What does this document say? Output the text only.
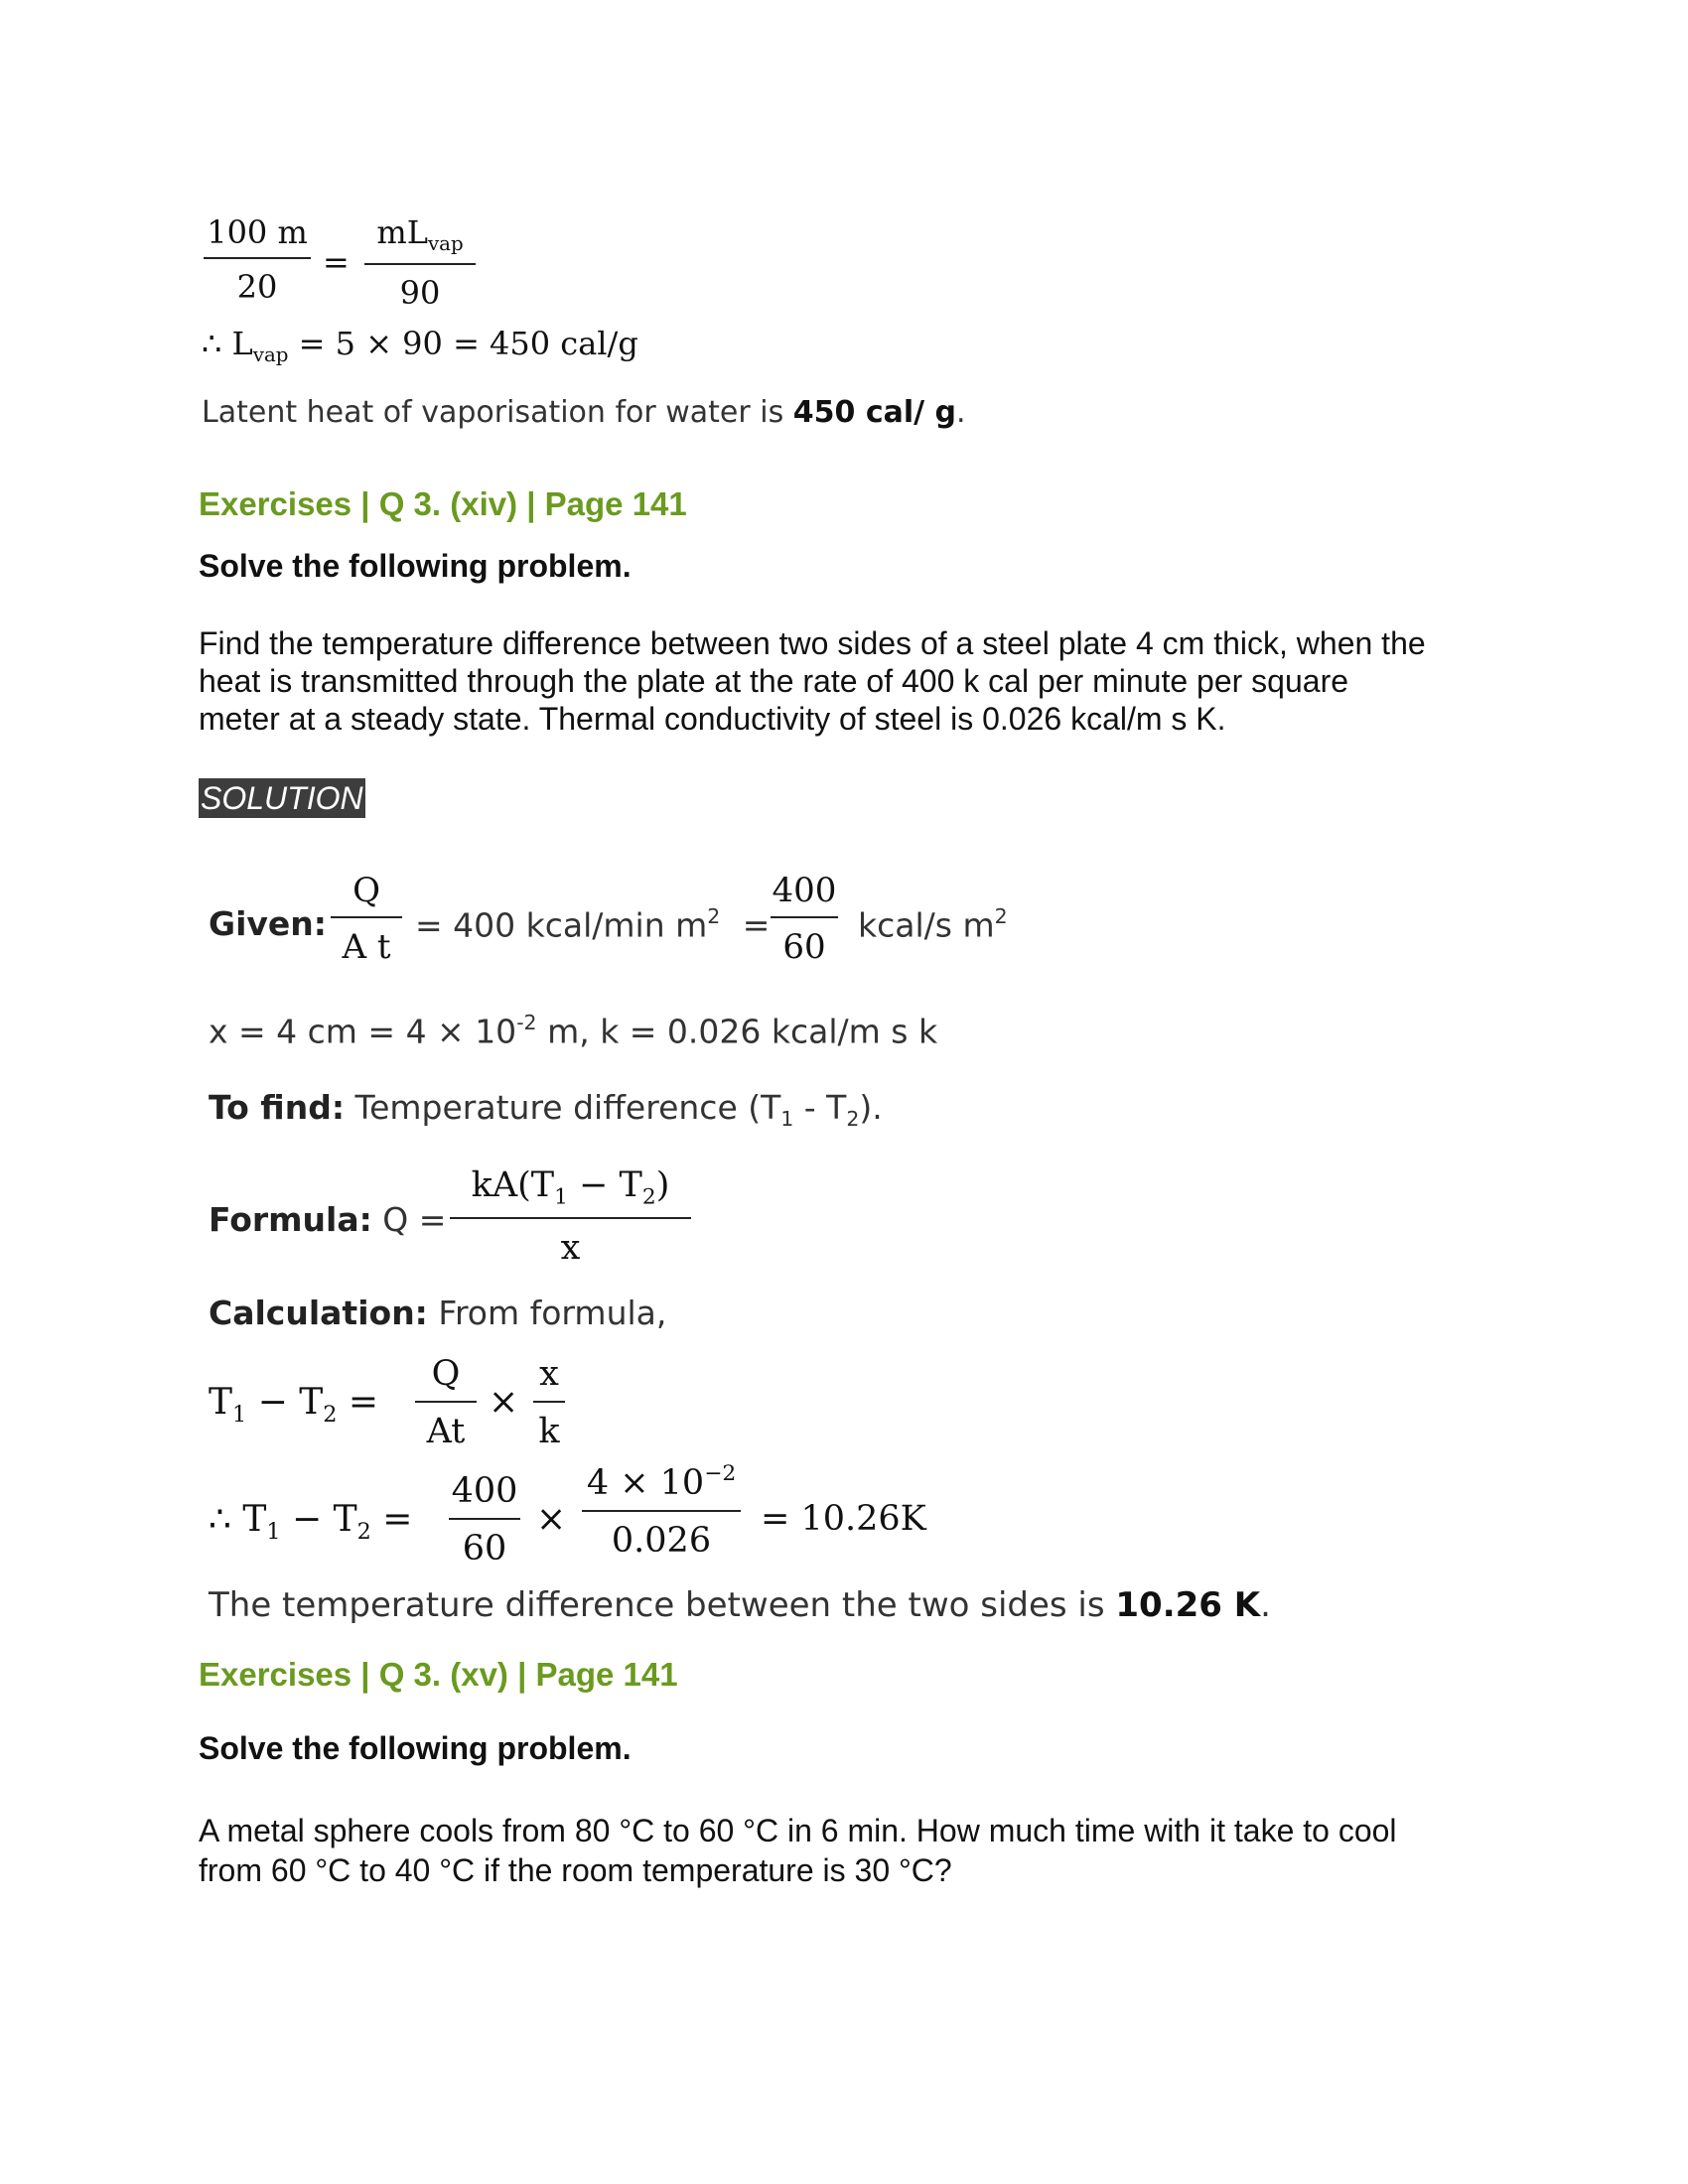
100 m
20
=
$mL_{vap}$
90
∴ $L_{vap} = 5 \times 90 = 450$ cal/g
Latent heat of vaporisation for water is 450 cal/ g.
Exercises | Q 3. (xiv) | Page 141
Solve the following problem.
Find the temperature difference between two sides of a steel plate 4 cm thick, when the
heat is transmitted through the plate at the rate of 400 k cal per minute per square
meter at a steady state. Thermal conductivity of steel is 0.026 kcal/m s K.
SOLUTION
Given:
Q
A t
= 400 kcal/min $m^2$ =
400
60
kcal/s $m^2$
x = 4 cm = $4 \times 10^{-2}$ m, k = 0.026 kcal/m s k
To find: Temperature difference $(T_1 - T_2)$.
Formula: Q =
$kA(T_1 - T_2)$
x
Calculation: From formula,
$T_1 - T_2$ =
Q
At
×
x
k
∴ $T_1 - T_2$ =
400
60
×
$4 \times 10^{-2}$
0.026
= 10.26K
The temperature difference between the two sides is 10.26 K.
Exercises | Q 3. (xv) | Page 141
Solve the following problem.
A metal sphere cools from 80 °C to 60 °C in 6 min. How much time with it take to cool
from 60 °C to 40 °C if the room temperature is 30 °C?
